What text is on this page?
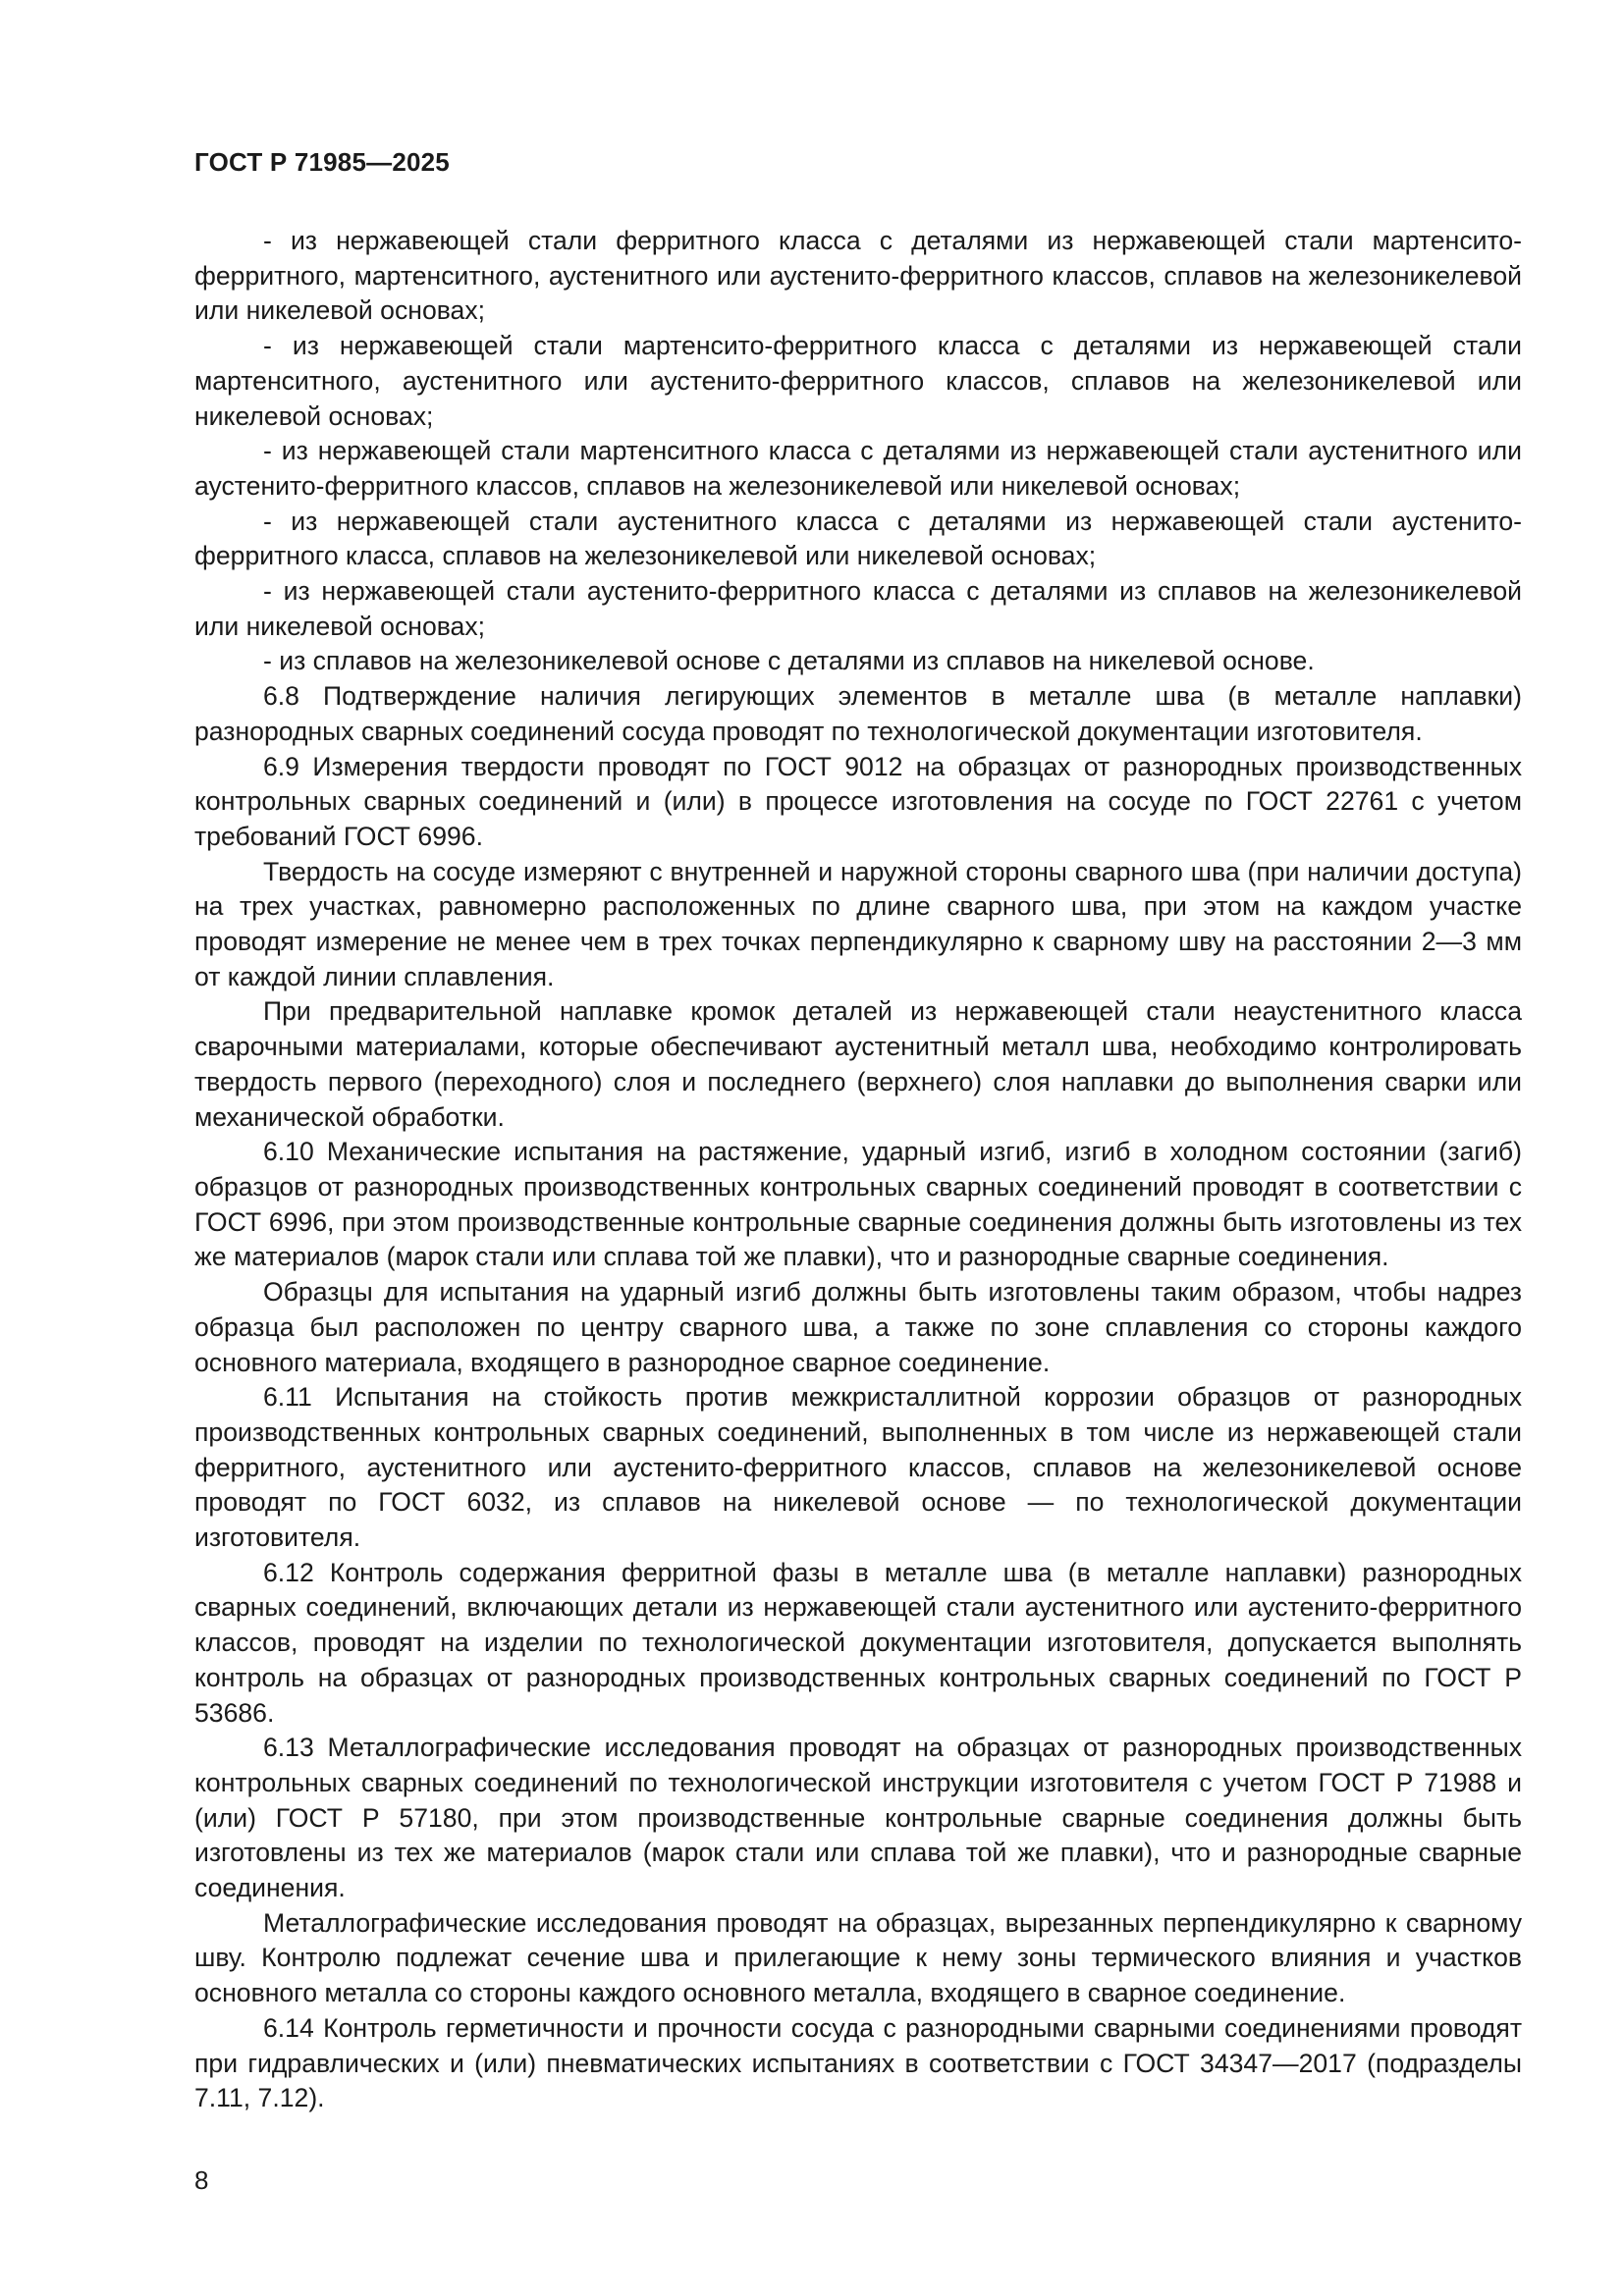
ГОСТ Р 71985—2025

- из нержавеющей стали ферритного класса с деталями из нержавеющей стали мартенсито-ферритного, мартенситного, аустенитного или аустенито-ферритного классов, сплавов на железоникелевой или никелевой основах;

- из нержавеющей стали мартенсито-ферритного класса с деталями из нержавеющей стали мартенситного, аустенитного или аустенито-ферритного классов, сплавов на железоникелевой или никелевой основах;

- из нержавеющей стали мартенситного класса с деталями из нержавеющей стали аустенитного или аустенито-ферритного классов, сплавов на железоникелевой или никелевой основах;

- из нержавеющей стали аустенитного класса с деталями из нержавеющей стали аустенито-ферритного класса, сплавов на железоникелевой или никелевой основах;

- из нержавеющей стали аустенито-ферритного класса с деталями из сплавов на железоникелевой или никелевой основах;

- из сплавов на железоникелевой основе с деталями из сплавов на никелевой основе.

6.8 Подтверждение наличия легирующих элементов в металле шва (в металле наплавки) разнородных сварных соединений сосуда проводят по технологической документации изготовителя.

6.9 Измерения твердости проводят по ГОСТ 9012 на образцах от разнородных производственных контрольных сварных соединений и (или) в процессе изготовления на сосуде по ГОСТ 22761 с учетом требований ГОСТ 6996.

Твердость на сосуде измеряют с внутренней и наружной стороны сварного шва (при наличии доступа) на трех участках, равномерно расположенных по длине сварного шва, при этом на каждом участке проводят измерение не менее чем в трех точках перпендикулярно к сварному шву на расстоянии 2—3 мм от каждой линии сплавления.

При предварительной наплавке кромок деталей из нержавеющей стали неаустенитного класса сварочными материалами, которые обеспечивают аустенитный металл шва, необходимо контролировать твердость первого (переходного) слоя и последнего (верхнего) слоя наплавки до выполнения сварки или механической обработки.

6.10 Механические испытания на растяжение, ударный изгиб, изгиб в холодном состоянии (загиб) образцов от разнородных производственных контрольных сварных соединений проводят в соответствии с ГОСТ 6996, при этом производственные контрольные сварные соединения должны быть изготовлены из тех же материалов (марок стали или сплава той же плавки), что и разнородные сварные соединения.

Образцы для испытания на ударный изгиб должны быть изготовлены таким образом, чтобы надрез образца был расположен по центру сварного шва, а также по зоне сплавления со стороны каждого основного материала, входящего в разнородное сварное соединение.

6.11 Испытания на стойкость против межкристаллитной коррозии образцов от разнородных производственных контрольных сварных соединений, выполненных в том числе из нержавеющей стали ферритного, аустенитного или аустенито-ферритного классов, сплавов на железоникелевой основе проводят по ГОСТ 6032, из сплавов на никелевой основе — по технологической документации изготовителя.

6.12 Контроль содержания ферритной фазы в металле шва (в металле наплавки) разнородных сварных соединений, включающих детали из нержавеющей стали аустенитного или аустенито-ферритного классов, проводят на изделии по технологической документации изготовителя, допускается выполнять контроль на образцах от разнородных производственных контрольных сварных соединений по ГОСТ Р 53686.

6.13 Металлографические исследования проводят на образцах от разнородных производственных контрольных сварных соединений по технологической инструкции изготовителя с учетом ГОСТ Р 71988 и (или) ГОСТ Р 57180, при этом производственные контрольные сварные соединения должны быть изготовлены из тех же материалов (марок стали или сплава той же плавки), что и разнородные сварные соединения.

Металлографические исследования проводят на образцах, вырезанных перпендикулярно к сварному шву. Контролю подлежат сечение шва и прилегающие к нему зоны термического влияния и участков основного металла со стороны каждого основного металла, входящего в сварное соединение.

6.14 Контроль герметичности и прочности сосуда с разнородными сварными соединениями проводят при гидравлических и (или) пневматических испытаниях в соответствии с ГОСТ 34347—2017 (подразделы 7.11, 7.12).

8
